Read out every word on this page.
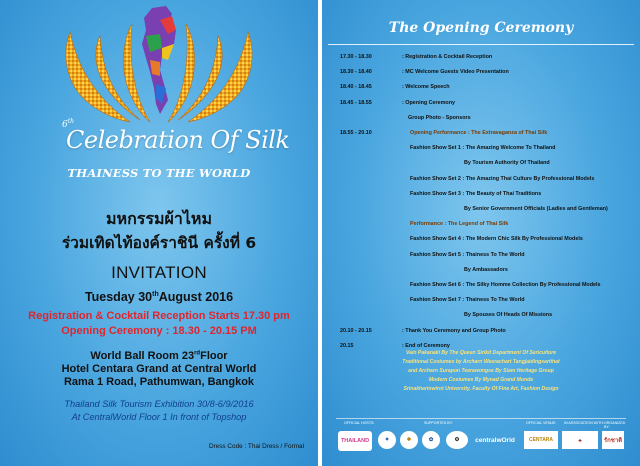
6th
Celebration Of Silk
THAINESS TO THE WORLD
มหกรรมผ้าไหม
ร่วมเทิดไท้องค์ราชินี ครั้งที่ 6
INVITATION
Tuesday 30thAugust 2016
Registration & Cocktail Reception Starts 17.30 pm
Opening Ceremony : 18.30 - 20.15 PM
World Ball Room 23rdFloor
Hotel Centara Grand at Central World
Rama 1 Road, Pathumwan, Bangkok
Thailand Silk Tourism Exhibition 30/8-6/9/2016
At CentralWorld Floor 1 In front of Topshop
Dress Code : Thai Dress / Formal
The Opening Ceremony
17.30 - 18.30	: Registration & Cocktail Reception
18.30 - 18.40	: MC Welcome Guests Video Presentation
18.40 - 18.45	: Welcome Speech
18.45 - 18.55	: Opening Ceremony
Group Photo - Sponsors
18.55 - 20.10	Opening Performance : The Extravaganza of Thai Silk
Fashion Show Set 1 : The Amazing Welcome To Thailand
By Tourism Authority Of Thailand
Fashion Show Set 2 : The Amazing Thai Culture By Professional Models
Fashion Show Set 3 : The Beauty of Thai Traditions
By Senior Government Officials (Ladies and Gentleman)
Performance : The Legend of Thai Silk
Fashion Show Set 4 : The Modern Chic Silk By Professional Models
Fashion Show Set 5 : Thainess To The World
By Ambassadors
Fashion Show Set 6 : The Silky Homme Collection By Professional Models
Fashion Show Set 7 : Thainess To The World
By Spouses Of Heads Of Missions
20.10 - 20.15	: Thank You Ceremony and Group Photo
20.15	: End of Ceremony
Vain Pakanaki By The Queen Sirikit Department Of Sericulture
Traditional Costumes by Archarn Weerachart Tangjaidingsarithat
and Archarn Surapon Teerawongse By Siam Heritage Group
Modern Costumes By Mynad Grand Monde
Srinakharinwirot University, Faculty Of Fine Art, Fashion Design
OFFICIAL HOSTS:	SUPPORTED BY:	OFFICIAL VENUE: IN ASSOCIATION WITH: ORGANIZED BY:
THAILAND	✦	❖	✿	⚙	centralwOrld	CENTARA	✚	รักชาติ
